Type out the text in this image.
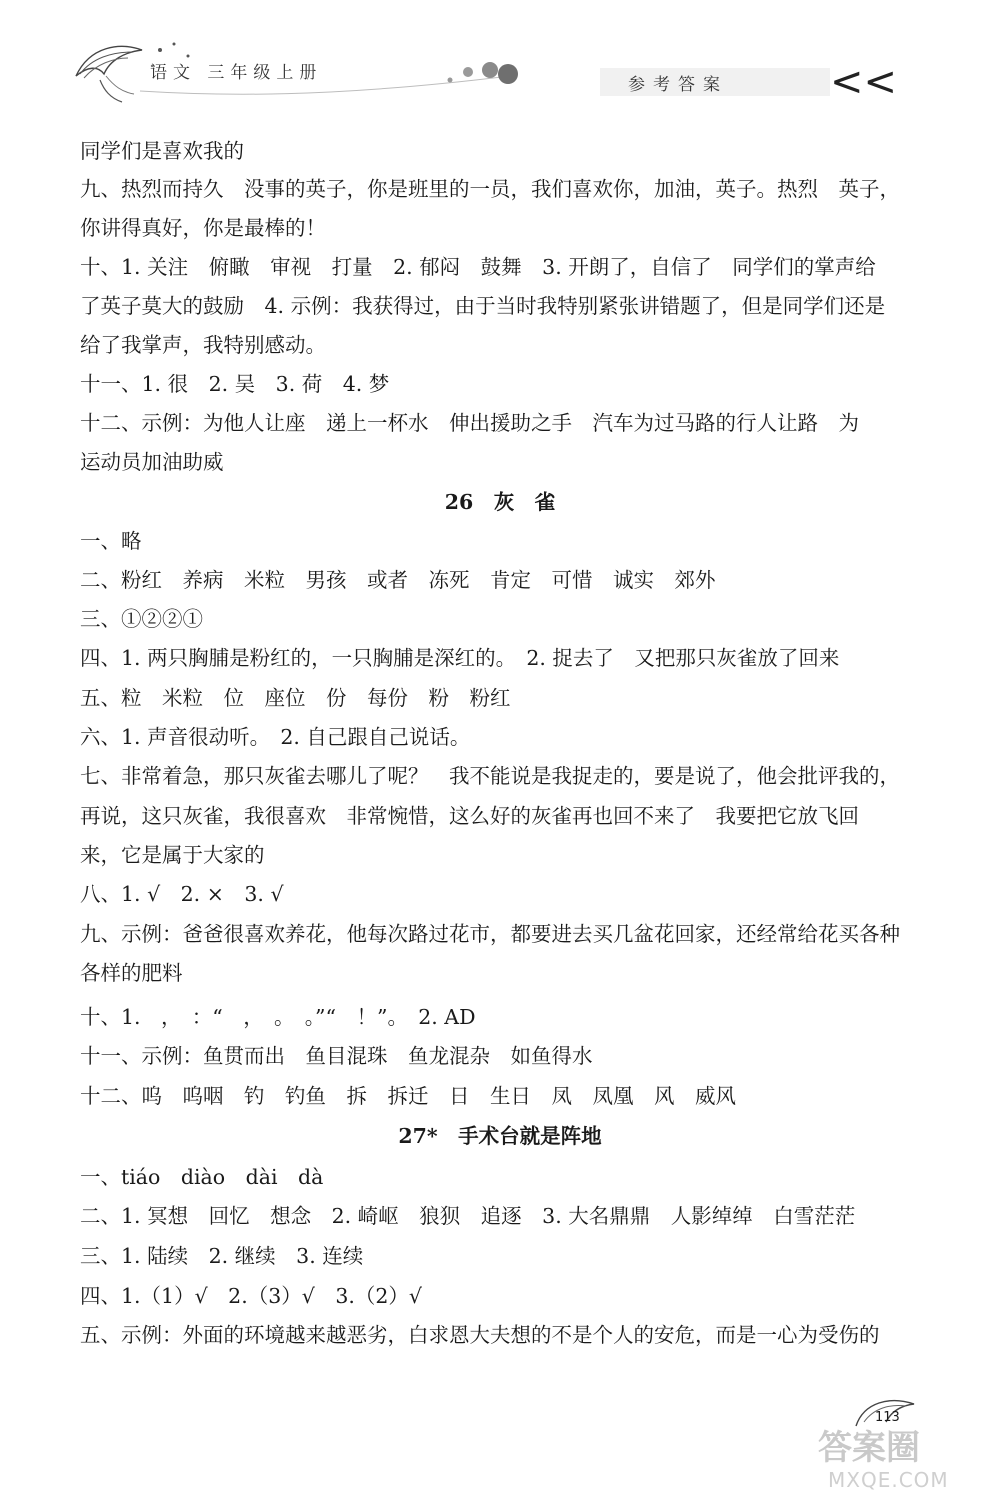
语文 三年级上册
参考答案	<<
同学们是喜欢我的
九、热烈而持久　没事的英子，你是班里的一员，我们喜欢你，加油，英子。热烈　英子，
你讲得真好，你是最棒的！
十、1. 关注　俯瞰　审视　打量　2. 郁闷　鼓舞　3. 开朗了，自信了　同学们的掌声给
了英子莫大的鼓励　4. 示例：我获得过，由于当时我特别紧张讲错题了，但是同学们还是
给了我掌声，我特别感动。
十一、1. 很　2. 吴　3. 荷　4. 梦
十二、示例：为他人让座　递上一杯水　伸出援助之手　汽车为过马路的行人让路　为
运动员加油助威
26　灰　雀
一、略
二、粉红　养病　米粒　男孩　或者　冻死　肯定　可惜　诚实　郊外
三、①②②①
四、1. 两只胸脯是粉红的，一只胸脯是深红的。　2. 捉去了　又把那只灰雀放了回来
五、粒　米粒　位　座位　份　每份　粉　粉红
六、1. 声音很动听。　2. 自己跟自己说话。
七、非常着急，那只灰雀去哪儿了呢？　我不能说是我捉走的，要是说了，他会批评我的，
再说，这只灰雀，我很喜欢　非常惋惜，这么好的灰雀再也回不来了　我要把它放飞回
来，它是属于大家的
八、1. √　2. ×　3. √
九、示例：爸爸很喜欢养花，他每次路过花市，都要进去买几盆花回家，还经常给花买各种
各样的肥料
十、1.　，　：“　，　。　。”“　！”。　2. AD
十一、示例：鱼贯而出　鱼目混珠　鱼龙混杂　如鱼得水
十二、呜　呜咽　钓　钓鱼　拆　拆迁　日　生日　凤　凤凰　风　威风
27*　手术台就是阵地
一、tiáo　diào　dài　dà
二、1. 冥想　回忆　想念　2. 崎岖　狼狈　追逐　3. 大名鼎鼎　人影绰绰　白雪茫茫
三、1. 陆续　2. 继续　3. 连续
四、1.（1）√　2.（3）√　3.（2）√
五、示例：外面的环境越来越恶劣，白求恩大夫想的不是个人的安危，而是一心为受伤的
113
答案圈
MXQE.COM
